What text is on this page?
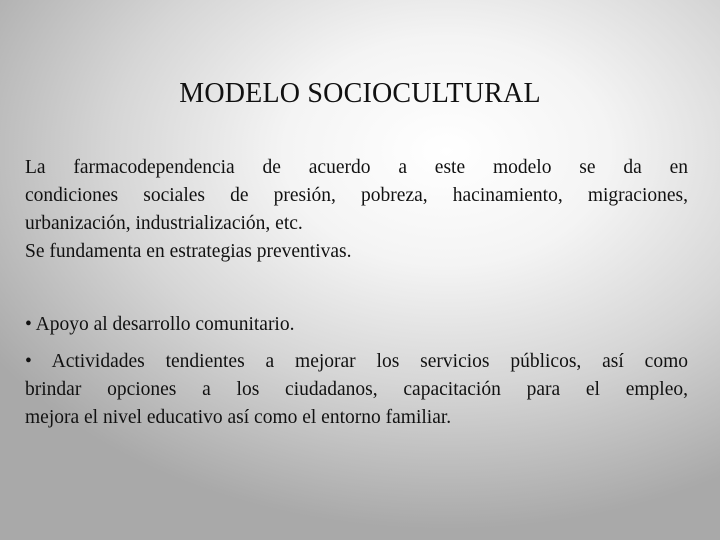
MODELO SOCIOCULTURAL
La farmacodependencia de acuerdo a este modelo se da en
condiciones sociales de presión, pobreza, hacinamiento, migraciones,
urbanización, industrialización, etc.
Se fundamenta en estrategias preventivas.
• Apoyo al desarrollo comunitario.
• Actividades tendientes a mejorar los servicios públicos, así como
brindar opciones a los ciudadanos, capacitación para el empleo,
mejora el nivel educativo así como el entorno familiar.
